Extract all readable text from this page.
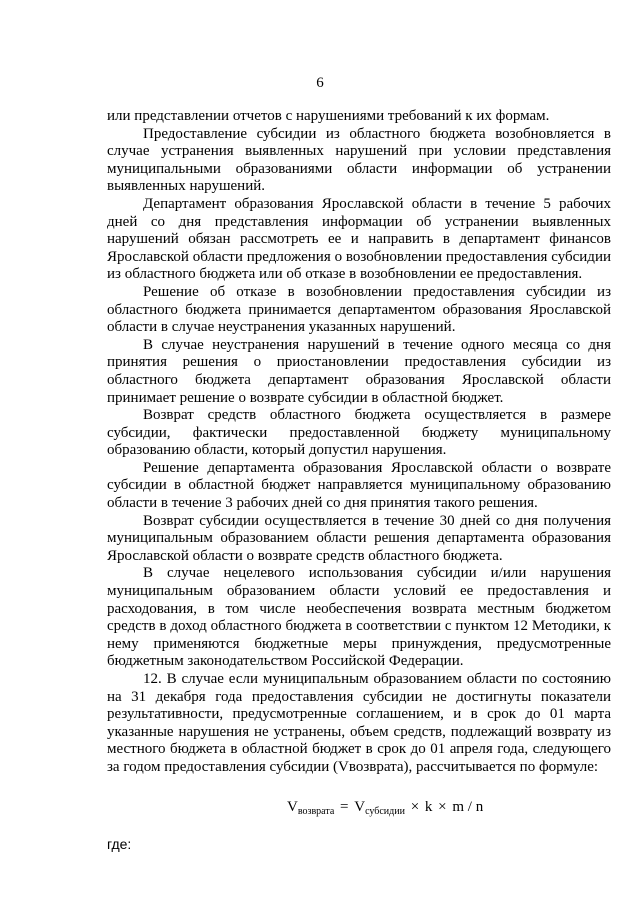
6

или представлении отчетов с нарушениями требований к их формам.

Предоставление субсидии из областного бюджета возобновляется в случае устранения выявленных нарушений при условии представления муниципальными образованиями области информации об устранении выявленных нарушений.

Департамент образования Ярославской области в течение 5 рабочих дней со дня представления информации об устранении выявленных нарушений обязан рассмотреть ее и направить в департамент финансов Ярославской области предложения о возобновлении предоставления субсидии из областного бюджета или об отказе в возобновлении ее предоставления.

Решение об отказе в возобновлении предоставления субсидии из областного бюджета принимается департаментом образования Ярославской области в случае неустранения указанных нарушений.

В случае неустранения нарушений в течение одного месяца со дня принятия решения о приостановлении предоставления субсидии из областного бюджета департамент образования Ярославской области принимает решение о возврате субсидии в областной бюджет.

Возврат средств областного бюджета осуществляется в размере субсидии, фактически предоставленной бюджету муниципальному образованию области, который допустил нарушения.

Решение департамента образования Ярославской области о возврате субсидии в областной бюджет направляется муниципальному образованию области в течение 3 рабочих дней со дня принятия такого решения.

Возврат субсидии осуществляется в течение 30 дней со дня получения муниципальным образованием области решения департамента образования Ярославской области о возврате средств областного бюджета.

В случае нецелевого использования субсидии и/или нарушения муниципальным образованием области условий ее предоставления и расходования, в том числе необеспечения возврата местным бюджетом средств в доход областного бюджета в соответствии с пунктом 12 Методики, к нему применяются бюджетные меры принуждения, предусмотренные бюджетным законодательством Российской Федерации.

12. В случае если муниципальным образованием области по состоянию на 31 декабря года предоставления субсидии не достигнуты показатели результативности, предусмотренные соглашением, и в срок до 01 марта указанные нарушения не устранены, объем средств, подлежащий возврату из местного бюджета в областной бюджет в срок до 01 апреля года, следующего за годом предоставления субсидии (Vвозврата), рассчитывается по формуле:

$V_{возврата} = V_{субсидии} \times k \times m / n$

где:
